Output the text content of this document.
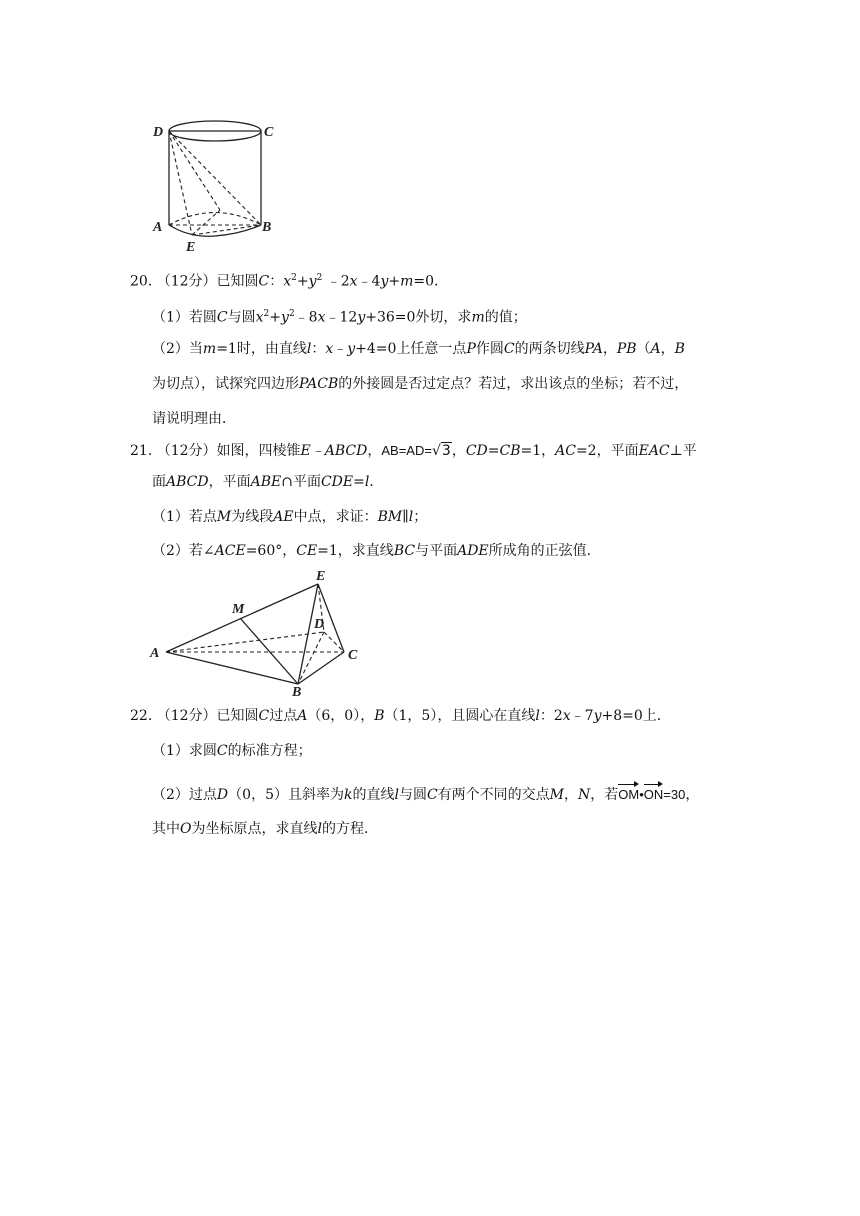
D	C
A	B
E
20. （12分）已知圆C：$x^2+y^2$ ﹣2x﹣4y+m=0．
（1）若圆C与圆$x^2+y^2﹣8x﹣12y+36=0$外切，求m的值；
（2）当m=1时，由直线l：x﹣y+4=0上任意一点P作圆C的两条切线PA，PB（A，B
为切点），试探究四边形PACB的外接圆是否过定点？若过，求出该点的坐标；若不过，
请说明理由．
21. （12分）如图，四棱锥E﹣ABCD，AB=AD=√3，CD=CB=1，AC=2，平面EAC⊥平
面ABCD，平面ABE∩平面CDE=l．
（1）若点M为线段AE中点，求证：BM∥l；
（2）若∠ACE=60°，CE=1，求直线BC与平面ADE所成角的正弦值．
E
M
D
A	C
B
22. （12分）已知圆C过点A（6，0），B（1，5），且圆心在直线l：2x﹣7y+8=0上．
（1）求圆C的标准方程；
（2）过点D（0，5）且斜率为k的直线l与圆C有两个不同的交点M，N，若OM•ON=30，
其中O为坐标原点，求直线l的方程．
